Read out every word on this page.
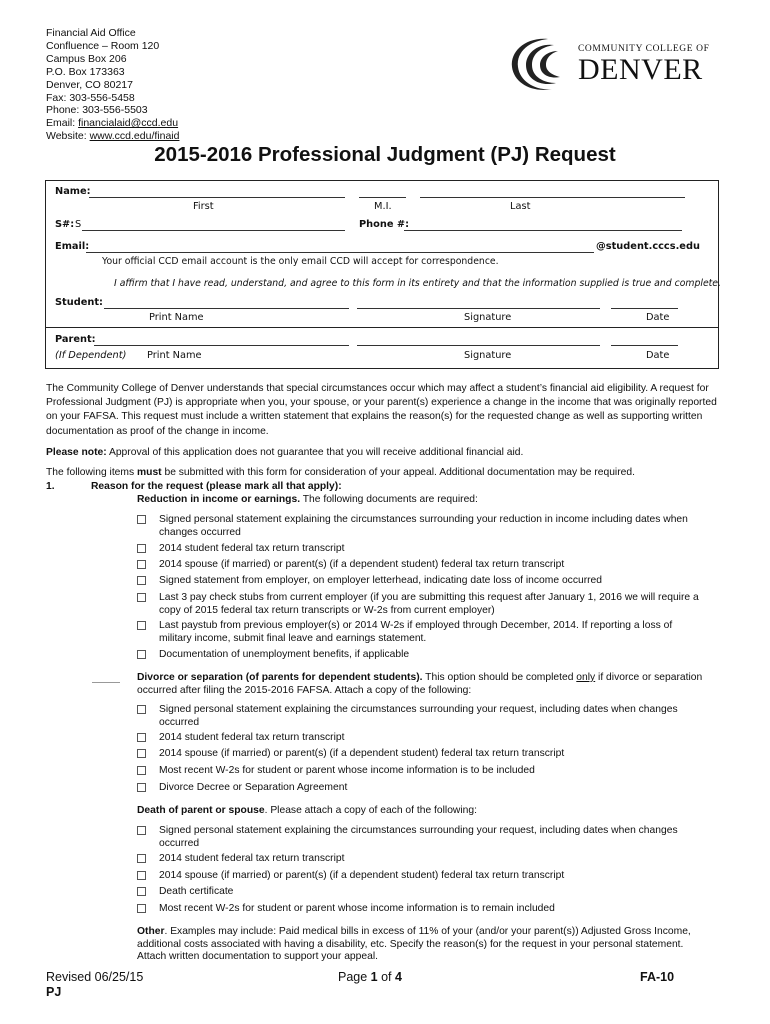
Financial Aid Office
Confluence – Room 120
Campus Box 206
P.O. Box 173363
Denver, CO 80217
Fax: 303-556-5458
Phone: 303-556-5503
Email: financialaid@ccd.edu
Website: www.ccd.edu/finaid
COMMUNITY COLLEGE OF
DENVER
2015-2016 Professional Judgment (PJ) Request
Name:
First	M.I.	Last
S#: S	Phone #:
Email:	@student.cccs.edu
Your official CCD email account is the only email CCD will accept for correspondence.
I affirm that I have read, understand, and agree to this form in its entirety and that the information supplied is true and complete.
Student:
Print Name	Signature	Date
Parent:
(If Dependent) Print Name	Signature	Date
The Community College of Denver understands that special circumstances occur which may affect a student’s financial aid eligibility. A request for Professional Judgment (PJ) is appropriate when you, your spouse, or your parent(s) experience a change in the income that was originally reported on your FAFSA. This request must include a written statement that explains the reason(s) for the requested change as well as supporting written documentation as proof of the change in income.
Please note: Approval of this application does not guarantee that you will receive additional financial aid.
The following items must be submitted with this form for consideration of your appeal. Additional documentation may be required.
1.	Reason for the request (please mark all that apply):
Reduction in income or earnings. The following documents are required:
Signed personal statement explaining the circumstances surrounding your reduction in income including dates when changes occurred
2014 student federal tax return transcript
2014 spouse (if married) or parent(s) (if a dependent student) federal tax return transcript
Signed statement from employer, on employer letterhead, indicating date loss of income occurred
Last 3 pay check stubs from current employer (if you are submitting this request after January 1, 2016 we will require a copy of 2015 federal tax return transcripts or W-2s from current employer)
Last paystub from previous employer(s) or 2014 W-2s if employed through December, 2014. If reporting a loss of military income, submit final leave and earnings statement.
Documentation of unemployment benefits, if applicable
Divorce or separation (of parents for dependent students). This option should be completed only if divorce or separation occurred after filing the 2015-2016 FAFSA. Attach a copy of the following:
Signed personal statement explaining the circumstances surrounding your request, including dates when changes occurred
2014 student federal tax return transcript
2014 spouse (if married) or parent(s) (if a dependent student) federal tax return transcript
Most recent W-2s for student or parent whose income information is to be included
Divorce Decree or Separation Agreement
Death of parent or spouse. Please attach a copy of each of the following:
Signed personal statement explaining the circumstances surrounding your request, including dates when changes occurred
2014 student federal tax return transcript
2014 spouse (if married) or parent(s) (if a dependent student) federal tax return transcript
Death certificate
Most recent W-2s for student or parent whose income information is to remain included
Other. Examples may include: Paid medical bills in excess of 11% of your (and/or your parent(s)) Adjusted Gross Income, additional costs associated with having a disability, etc. Specify the reason(s) for the request in your personal statement. Attach written documentation to support your appeal.
Revised 06/25/15
PJ
Page 1 of 4	FA-10
